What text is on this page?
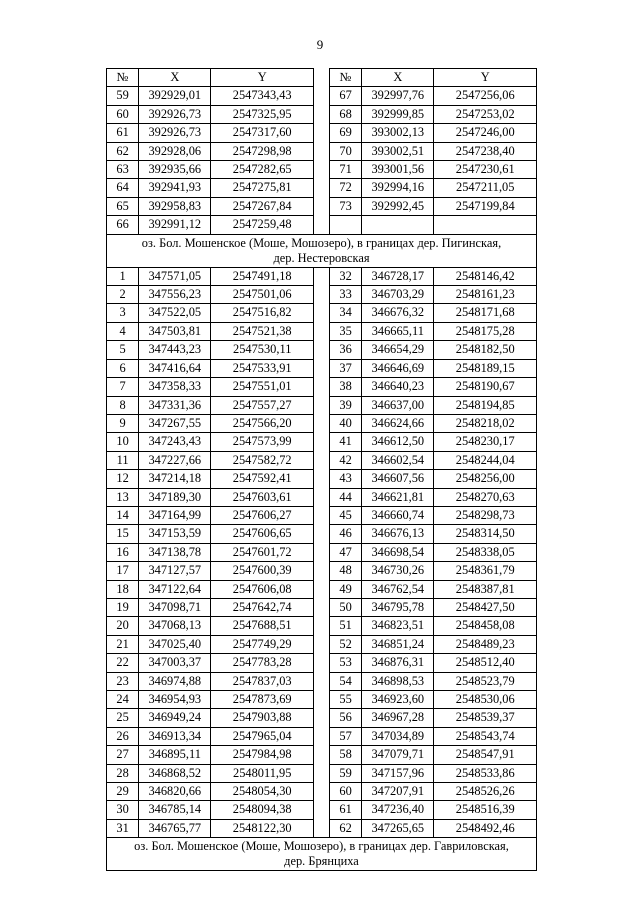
9
№	X	Y		№	X	Y
59	392929,01	2547343,43		67	392997,76	2547256,06
60	392926,73	2547325,95		68	392999,85	2547253,02
61	392926,73	2547317,60		69	393002,13	2547246,00
62	392928,06	2547298,98		70	393002,51	2547238,40
63	392935,66	2547282,65		71	393001,56	2547230,61
64	392941,93	2547275,81		72	392994,16	2547211,05
65	392958,83	2547267,84		73	392992,45	2547199,84
66	392991,12	2547259,48				

оз. Бол. Мошенское (Моше, Мошозеро), в границах дер. Пигинская,
дер. Нестеровская						

1	347571,05	2547491,18		32	346728,17	2548146,42
2	347556,23	2547501,06		33	346703,29	2548161,23
3	347522,05	2547516,82		34	346676,32	2548171,68
4	347503,81	2547521,38		35	346665,11	2548175,28
5	347443,23	2547530,11		36	346654,29	2548182,50
6	347416,64	2547533,91		37	346646,69	2548189,15
7	347358,33	2547551,01		38	346640,23	2548190,67
8	347331,36	2547557,27		39	346637,00	2548194,85
9	347267,55	2547566,20		40	346624,66	2548218,02
10	347243,43	2547573,99		41	346612,50	2548230,17
11	347227,66	2547582,72		42	346602,54	2548244,04
12	347214,18	2547592,41		43	346607,56	2548256,00
13	347189,30	2547603,61		44	346621,81	2548270,63
14	347164,99	2547606,27		45	346660,74	2548298,73
15	347153,59	2547606,65		46	346676,13	2548314,50
16	347138,78	2547601,72		47	346698,54	2548338,05
17	347127,57	2547600,39		48	346730,26	2548361,79
18	347122,64	2547606,08		49	346762,54	2548387,81
19	347098,71	2547642,74		50	346795,78	2548427,50
20	347068,13	2547688,51		51	346823,51	2548458,08
21	347025,40	2547749,29		52	346851,24	2548489,23
22	347003,37	2547783,28		53	346876,31	2548512,40
23	346974,88	2547837,03		54	346898,53	2548523,79
24	346954,93	2547873,69		55	346923,60	2548530,06
25	346949,24	2547903,88		56	346967,28	2548539,37
26	346913,34	2547965,04		57	347034,89	2548543,74
27	346895,11	2547984,98		58	347079,71	2548547,91
28	346868,52	2548011,95		59	347157,96	2548533,86
29	346820,66	2548054,30		60	347207,91	2548526,26
30	346785,14	2548094,38		61	347236,40	2548516,39
31	346765,77	2548122,30		62	347265,65	2548492,46

оз. Бол. Мошенское (Моше, Мошозеро), в границах дер. Гавриловская,
дер. Брянциха						
